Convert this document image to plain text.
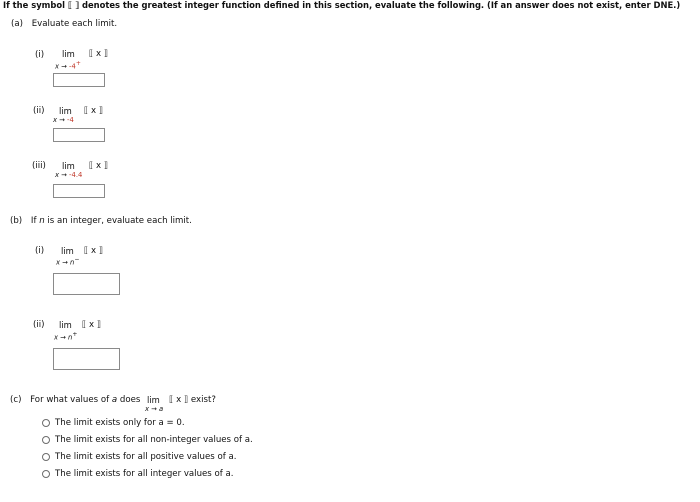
If the symbol ⟦ ⟧ denotes the greatest integer function defined in this section, evaluate the following. (If an answer does not exist, enter DNE.)
(a) Evaluate each limit.
(i) lim
x → -4+
⟦ x ⟧
(ii) lim
x → -4
⟦ x ⟧
(iii) lim
x → -4.4
⟦ x ⟧
(b) If n is an integer, evaluate each limit.
(i) lim
x → n−
⟦ x ⟧
(ii) lim
x → n+
⟦ x ⟧
(c) For what values of a does	⟦ x ⟧ exist?
lim
x → a
The limit exists only for a = 0.
The limit exists for all non-integer values of a.
The limit exists for all positive values of a.
The limit exists for all integer values of a.
